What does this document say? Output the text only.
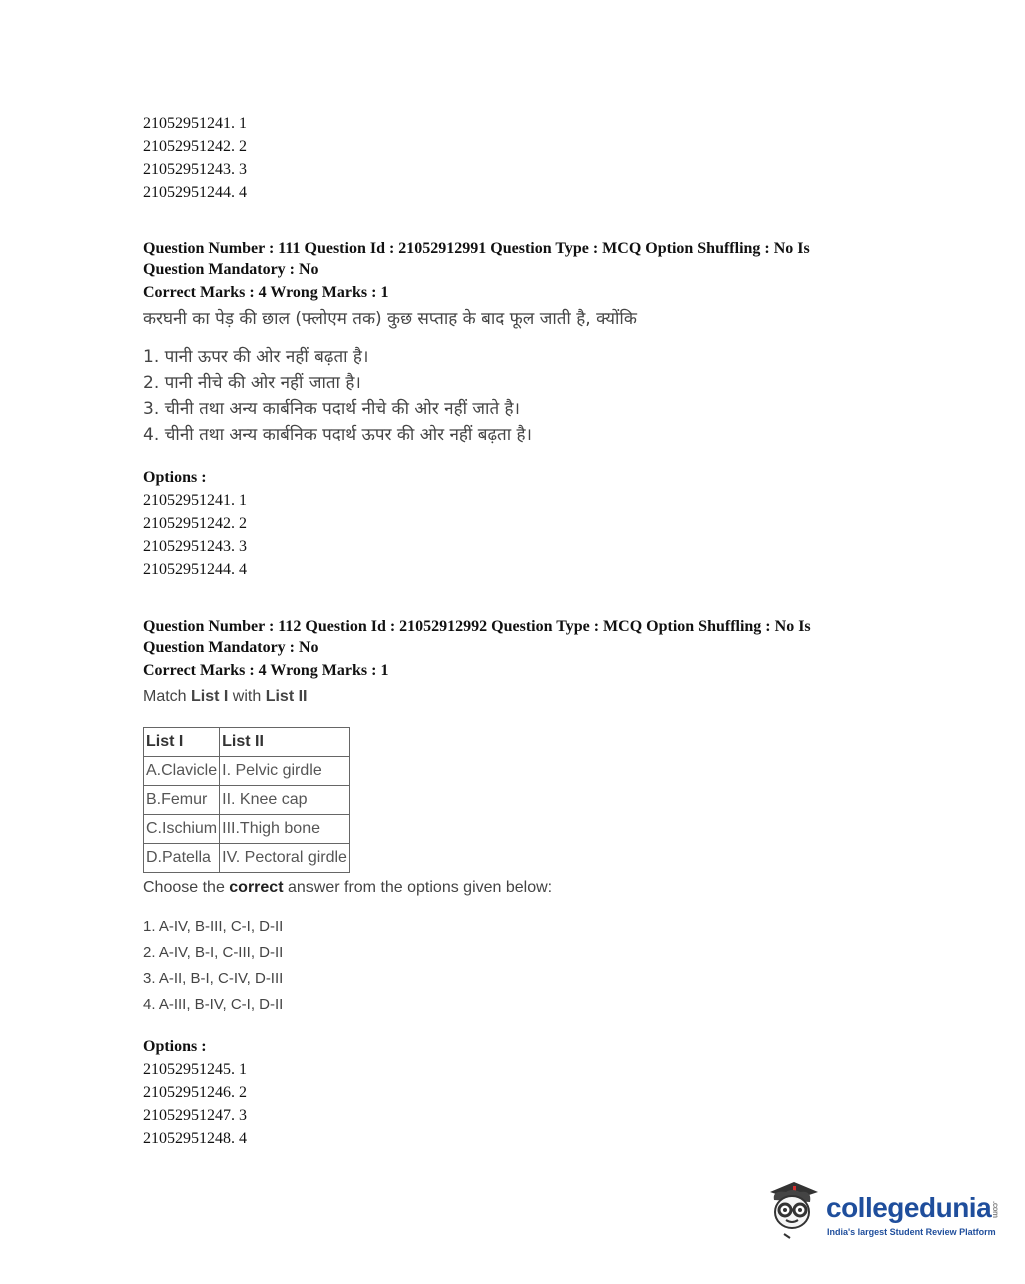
21052951241. 1
21052951242. 2
21052951243. 3
21052951244. 4
Question Number : 111 Question Id : 21052912991 Question Type : MCQ Option Shuffling : No Is
Question Mandatory : No
Correct Marks : 4 Wrong Marks : 1
करघनी का पेड़ की छाल (फ्लोएम तक) कुछ सप्ताह के बाद फूल जाती है, क्योंकि
1. पानी ऊपर की ओर नहीं बढ़ता है।
2. पानी नीचे की ओर नहीं जाता है।
3. चीनी तथा अन्य कार्बनिक पदार्थ नीचे की ओर नहीं जाते है।
4. चीनी तथा अन्य कार्बनिक पदार्थ ऊपर की ओर नहीं बढ़ता है।
Options :
21052951241. 1
21052951242. 2
21052951243. 3
21052951244. 4
Question Number : 112 Question Id : 21052912992 Question Type : MCQ Option Shuffling : No Is
Question Mandatory : No
Correct Marks : 4 Wrong Marks : 1
Match List I with List II
List I	List II
A.Clavicle	I. Pelvic girdle
B.Femur	II. Knee cap
C.Ischium	III.Thigh bone
D.Patella	IV. Pectoral girdle
Choose the correct answer from the options given below:
1. A-IV, B-III, C-I, D-II
2. A-IV, B-I, C-III, D-II
3. A-II, B-I, C-IV, D-III
4. A-III, B-IV, C-I, D-II
Options :
21052951245. 1
21052951246. 2
21052951247. 3
21052951248. 4
collegedunia.com
India's largest Student Review Platform
